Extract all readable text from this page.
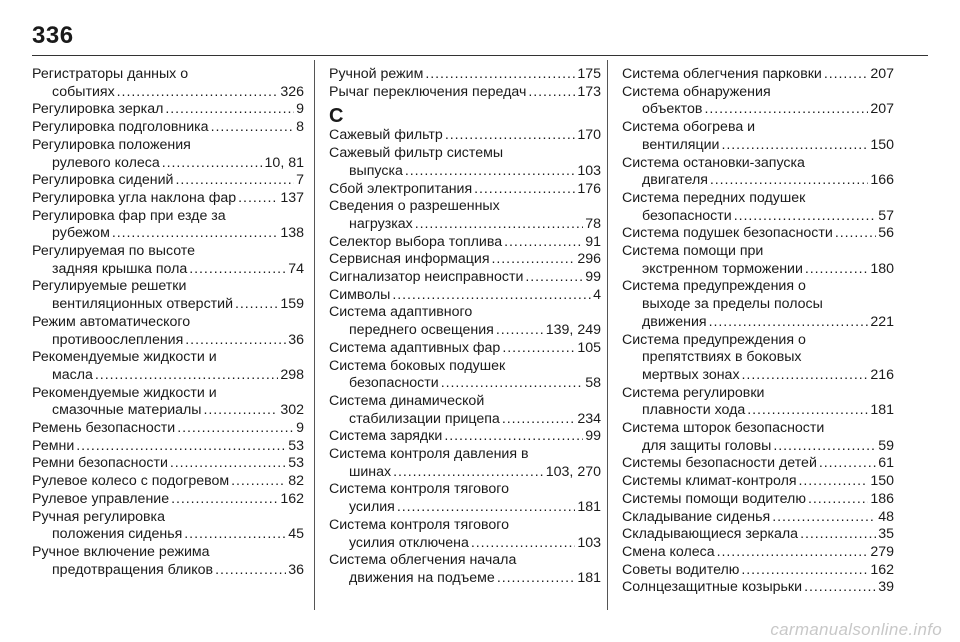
336
Регистраторы данных о
событиях . . .	326
Регулировка зеркал . . .	9
Регулировка подголовника . . .	8
Регулировка положения
рулевого колеса . . .	10, 81
Регулировка сидений . . .	7
Регулировка угла наклона фар . . .	137
Регулировка фар при езде за
рубежом . . .	138
Регулируемая по высоте
задняя крышка пола . . .	74
Регулируемые решетки
вентиляционных отверстий . . .	159
Режим автоматического
противоослепления . . .	36
Рекомендуемые жидкости и
масла . . .	298
Рекомендуемые жидкости и
смазочные материалы . . .	302
Ремень безопасности . . .	9
Ремни . . .	53
Ремни безопасности . . .	53
Рулевое колесо с подогревом . . .	82
Рулевое управление . . .	162
Ручная регулировка
положения сиденья . . .	45
Ручное включение режима
предотвращения бликов . . .	36
Ручной режим . . .	175
Рычаг переключения передач . . .	173
С
Сажевый фильтр . . .	170
Сажевый фильтр системы
выпуска . . .	103
Сбой электропитания . . .	176
Сведения о разрешенных
нагрузках . . .	78
Селектор выбора топлива . . .	91
Сервисная информация . . .	296
Сигнализатор неисправности . . .	99
Символы . . .	4
Система адаптивного
переднего освещения . . .	139, 249
Система адаптивных фар . . .	105
Система боковых подушек
безопасности . . .	58
Система динамической
стабилизации прицепа . . .	234
Система зарядки . . .	99
Система контроля давления в
шинах . . .	103, 270
Система контроля тягового
усилия . . .	181
Система контроля тягового
усилия отключена . . .	103
Система облегчения начала
движения на подъеме . . .	181
Система облегчения парковки . . .	207
Система обнаружения
объектов . . .	207
Система обогрева и
вентиляции . . .	150
Система остановки-запуска
двигателя . . .	166
Система передних подушек
безопасности . . .	57
Система подушек безопасности . . .	56
Система помощи при
экстренном торможении . . .	180
Система предупреждения о
выходе за пределы полосы
движения . . .	221
Система предупреждения о
препятствиях в боковых
мертвых зонах . . .	216
Система регулировки
плавности хода . . .	181
Система шторок безопасности
для защиты головы . . .	59
Системы безопасности детей . . .	61
Системы климат-контроля . . .	150
Системы помощи водителю . . .	186
Складывание сиденья . . .	48
Складывающиеся зеркала . . .	35
Смена колеса . . .	279
Советы водителю . . .	162
Солнцезащитные козырьки . . .	39
carmanualsonline.info
